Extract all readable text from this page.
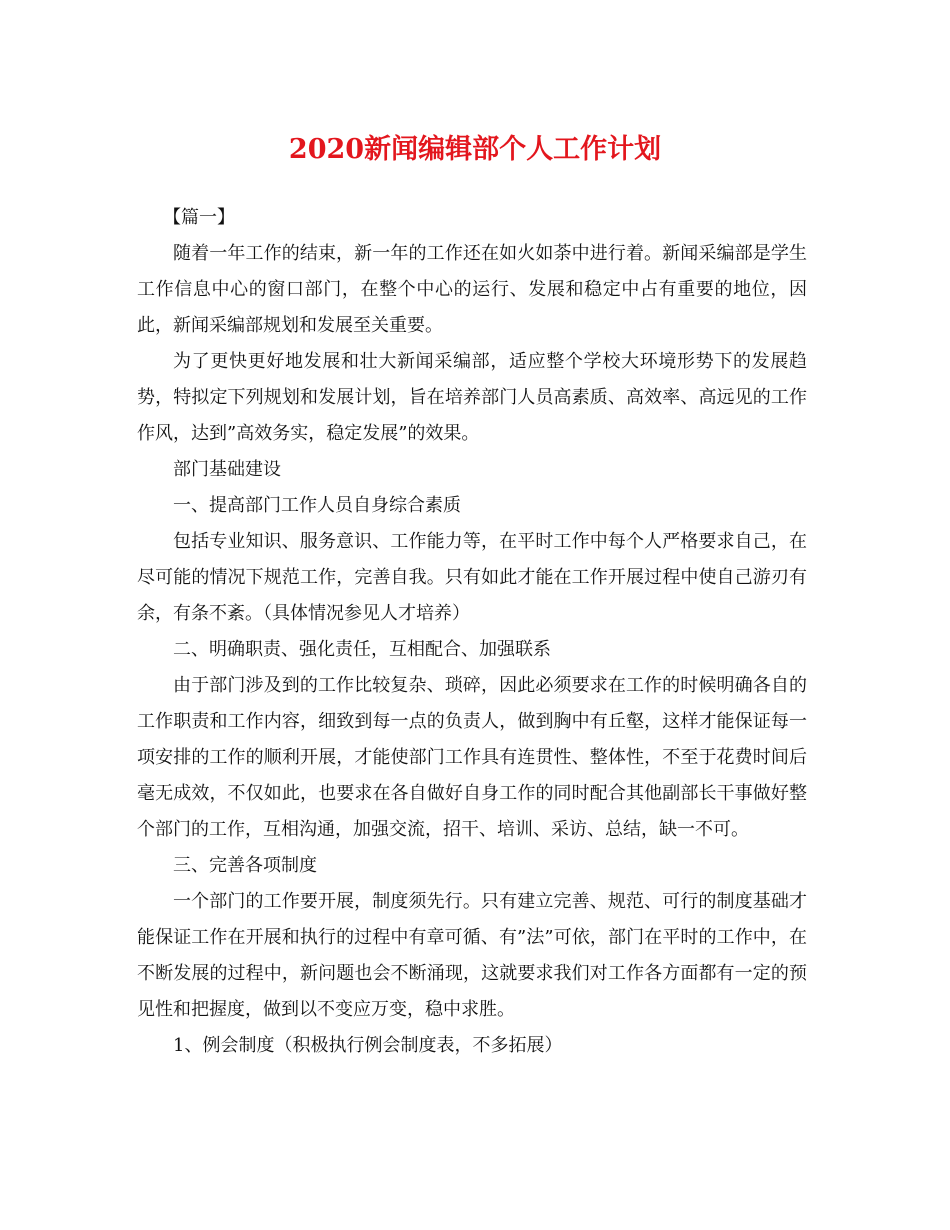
2020新闻编辑部个人工作计划

【篇一】

随着一年工作的结束，新一年的工作还在如火如荼中进行着。新闻采编部是学生工作信息中心的窗口部门，在整个中心的运行、发展和稳定中占有重要的地位，因此，新闻采编部规划和发展至关重要。

为了更快更好地发展和壮大新闻采编部，适应整个学校大环境形势下的发展趋势，特拟定下列规划和发展计划，旨在培养部门人员高素质、高效率、高远见的工作作风，达到”高效务实，稳定发展”的效果。

部门基础建设

一、提高部门工作人员自身综合素质

包括专业知识、服务意识、工作能力等，在平时工作中每个人严格要求自己，在尽可能的情况下规范工作，完善自我。只有如此才能在工作开展过程中使自己游刃有余，有条不紊。（具体情况参见人才培养）

二、明确职责、强化责任，互相配合、加强联系

由于部门涉及到的工作比较复杂、琐碎，因此必须要求在工作的时候明确各自的工作职责和工作内容，细致到每一点的负责人，做到胸中有丘壑，这样才能保证每一项安排的工作的顺利开展，才能使部门工作具有连贯性、整体性，不至于花费时间后毫无成效，不仅如此，也要求在各自做好自身工作的同时配合其他副部长干事做好整个部门的工作，互相沟通，加强交流，招干、培训、采访、总结，缺一不可。

三、完善各项制度

一个部门的工作要开展，制度须先行。只有建立完善、规范、可行的制度基础才能保证工作在开展和执行的过程中有章可循、有”法”可依，部门在平时的工作中，在不断发展的过程中，新问题也会不断涌现，这就要求我们对工作各方面都有一定的预见性和把握度，做到以不变应万变，稳中求胜。

1、例会制度（积极执行例会制度表，不多拓展）
